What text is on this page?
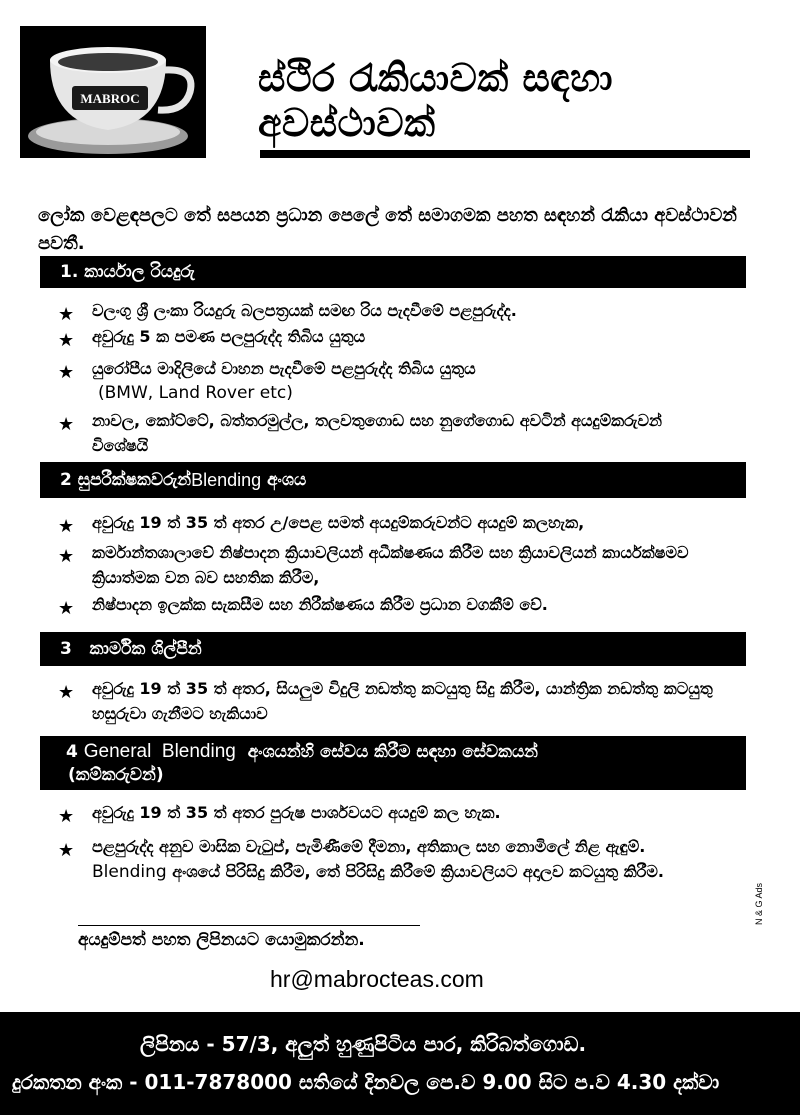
MABROC	ස්ථිර රැකියාවක් සඳහා අවස්ථාවක්
ලෝක වෙළඳපලට තේ සපයන ප්‍රධාන පෙලේ තේ සමාගමක පහත සඳහන් රැකියා අවස්ථාවන් පවතී.
1. කාර්යාල රියදුරු
★ වලංගු ශ්‍රී ලංකා රියදුරු බලපත්‍රයක් සමඟ රිය පැදවීමේ පළපුරුද්ද.
★ අවුරුදු 5 ක පමණ පලපුරුද්ද තිබිය යුතුය
★ යුරෝපීය මාදිලියේ වාහන පැදවීමේ පළපුරුද්ද තිබිය යුතුය
(BMW, Land Rover etc)
★ නාවල, කෝට්ටේ, බත්තරමුල්ල, තලවතුගොඩ සහ නුගේගොඩ අවටින් අයදුම්කරුවන් විශේෂයි
2 සුපරීක්ෂකවරුන් Blending අංශය
★ අවුරුදු 19 ත් 35 ත් අතර උ/පෙළ සමත් අයදුම්කරුවන්ට අයදුම් කලහැක,
★ කර්මාන්තශාලාවේ නිෂ්පාදන ක්‍රියාවලියන් අධීක්ෂණය කිරීම සහ ක්‍රියාවලියන් කාර්යක්ෂමව ක්‍රියාත්මක වන බව සහතික කිරීම,
★ නිෂ්පාදන ඉලක්ක සැකසීම සහ නිරීක්ෂණය කිරීම ප්‍රධාන වගකීම් වේ.
3   කාර්මික ශිල්පීන්
★ අවුරුදු 19 ත් 35 ත් අතර, සියලුම විදුලි නඩත්තු කටයුතු සිදු කිරීම, යාන්ත්‍රික නඩත්තු කටයුතු හසුරුවා ගැනීමට හැකියාව
4 General  Blending  අංශයන්හි සේවය කිරීම සඳහා සේවකයන්
(කම්කරුවන්)
★ අවුරුදු 19 ත් 35 ත් අතර පුරුෂ පාර්ශවයට අයදුම් කල හැක.
★ පළපුරුද්ද අනුව මාසික වැටුප්, පැමිණීමේ දීමනා, අතිකාල සහ නොමිලේ නිළ ඇඳුම්. Blending අංශයේ පිරිසිදු කිරීම, තේ පිරිසිදු කිරීමේ ක්‍රියාවලියට අදාලව කටයුතු කිරීම.
අයදුම්පත් පහත ලිපිනයට යොමුකරන්න.
hr@mabrocteas.com
N & G Ads
ලිපිනය - 57/3, අලුත් හුණුපිටිය පාර, කිරිබත්ගොඩ.
දුරකතන අංක - 011-7878000 සතියේ දිනවල පෙ.ව 9.00 සිට ප.ව 4.30 දක්වා
